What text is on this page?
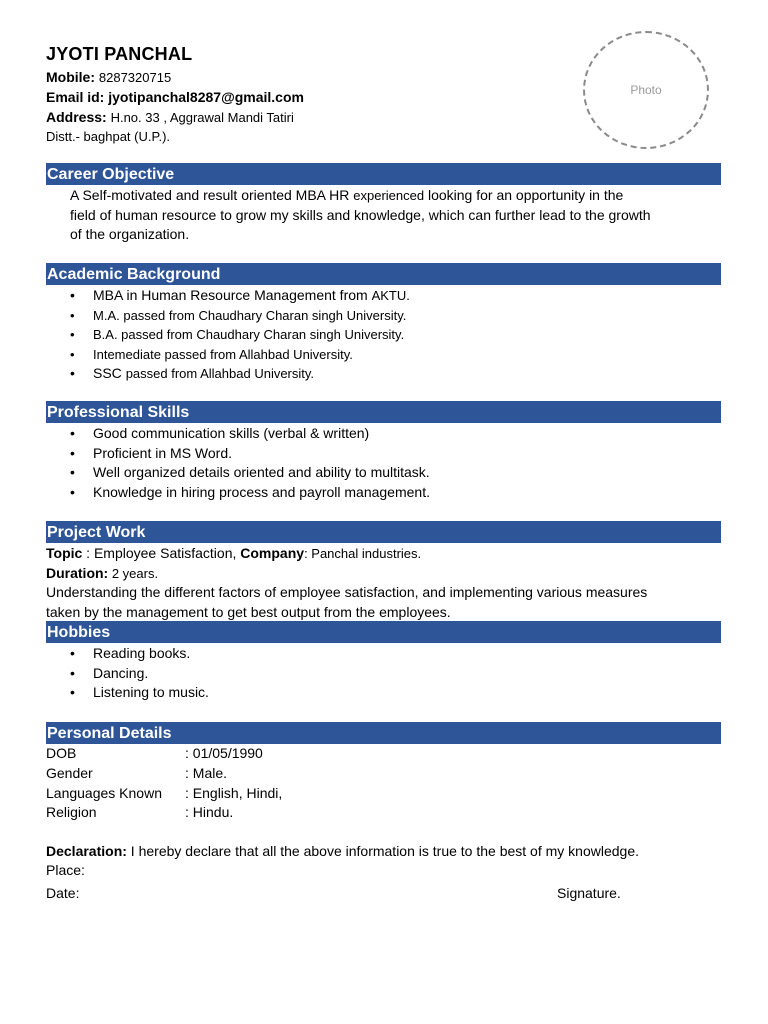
JYOTI PANCHAL
Mobile: 8287320715
Email id: jyotipanchal8287@gmail.com
Address: H.no. 33 , Aggrawal Mandi Tatiri
Distt.- baghpat (U.P.).
Photo
Career Objective
A Self-motivated and result oriented MBA HR experienced looking for an opportunity in the
field of human resource to grow my skills and knowledge, which can further lead to the growth
of the organization.
Academic Background
• MBA in Human Resource Management from AKTU.
• M.A. passed from Chaudhary Charan singh University.
• B.A. passed from Chaudhary Charan singh University.
• Intemediate passed from Allahbad University.
• SSC passed from Allahbad University.
Professional Skills
• Good communication skills (verbal & written)
• Proficient in MS Word.
• Well organized details oriented and ability to multitask.
• Knowledge in hiring process and payroll management.
Project Work
Topic : Employee Satisfaction, Company: Panchal industries.
Duration: 2 years.
Understanding the different factors of employee satisfaction, and implementing various measures
taken by the management to get best output from the employees.
Hobbies
• Reading books.
• Dancing.
• Listening to music.
Personal Details
DOB	: 01/05/1990
Gender	: Male.
Languages Known : English, Hindi,
Religion	: Hindu.
Declaration: I hereby declare that all the above information is true to the best of my knowledge.
Place:
Date:	Signature.
